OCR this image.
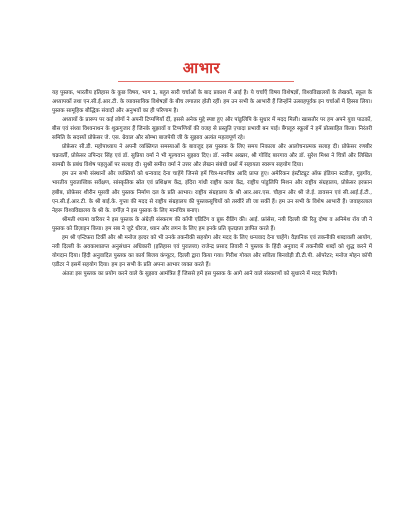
आभार

यह पुस्तक, भारतीय इतिहास के कुछ विषय, भाग 1, बहुत सारी चर्चाओं के बाद प्रकाश में आई है। ये चर्चाएँ विषय विशेषज्ञों, विश्वविद्यालयों के लेखकों, स्कूल के अध्यापकों तथा एन.सी.ई.आर.टी. के व्यावसायिक विशेषज्ञों के बीच लगातार होती रहीं। हम उन सभी के आभारी हैं जिन्होंने उत्साहपूर्वक इन चर्चाओं में हिस्सा लिया। पुस्तक सामूहिक बौद्धिक संवादों और अनुभवों का ही परिणाम है।

अध्यायों के प्रारूप पर कई लोगों ने अपनी टिप्पणियाँ दीं, इससे अनेक मुद्दे स्पष्ट हुए और पांडुलिपि के सुधार में मदद मिली। खासतौर पर हम अपने युवा पाठकों, बीस एवं संध्या विश्वनाथन के शुक्रगुजार हैं जिनके सुझावों व टिप्पणियों की वजह से प्रस्तुति ज़्यादा प्रभावी बन पाई। बैंगलूरु स्कूलों ने हमें प्रोत्साहित किया। निरंतरी समिति के सदस्यों प्रोफ़ेसर जे. एस. ग्रेवाल और सोम्भा बाजपेयी जी के सुझाव अत्यंत महत्वपूर्ण रहे।

प्रोफ़ेसर सी.डी. महोपाध्याय ने अपनी व्यक्तिगत समस्याओं के बावजूद इस पुस्तक के लिए समय निकाला और आलोचनात्मक सलाह दी। प्रोफ़ेसर रणबीर चक्रवर्ती, प्रोफ़ेसर उपिन्दर सिंह एवं डॉ. सुप्रिया वर्मा ने भी मूल्यवान सुझाव दिए। डॉ. नसीम अख्तर, श्री गोविंद बारगाव और डॉ. सुरेश मिश्रा ने चित्रों और लिखित सामग्री के प्रबंध विशेष पहलुओं पर सलाह दी। सुश्री समीरा वर्मा ने उत्तर और लेखन संबंधी प्रश्नों में सहायता स्वरूप सहयोग दिया।

हम उन सभी संस्थानों और व्यक्तियों को धन्यवाद देना चाहेंगे जिनसे हमें चित्र-मानचित्र आदि प्राप्त हुए। अमेरिकन इंस्टीट्यूट ऑफ़ इंडियन स्टडीज़, गुड़गाँव, भारतीय पुरातात्त्विक सर्वेक्षण, सांस्कृतिक स्रोत एवं प्रशिक्षण केंद्र, इंदिरा गांधी राष्ट्रीय कला केंद्र, राष्ट्रीय पांडुलिपि मिशन और राष्ट्रीय संग्रहालय, प्रोफ़ेसर इरफ़ान हबीब, प्रोफ़ेसर शीरीन मूसवी और पुस्तक निर्माण दल के प्रति आभार। राष्ट्रीय संग्रहालय के श्री आर.आर.एस. चौहान और श्री जे.ई. डावसन एवं सी.आई.ई.टी., एन.सी.ई.आर.टी. के श्री बाई.के. गुप्ता की मदद से राष्ट्रीय संग्रहालय की पुस्तकसूचियों को तस्वीरें ली जा सकीं हैं। हम उन सभी के विशेष आभारी हैं। जवाहरलाल नेहरू विश्वविद्यालय के श्री के. वर्गीज़ ने इस पुस्तक के लिए मानचित्र बनाए।

श्रीमती श्यामा वारियर ने इस पुस्तक के अंग्रेज़ी संस्करण की कॉपी एडिटिंग व प्रूफ़ रीडिंग की। आई. फ्रांसेस, नयी दिल्ली की रितु दोषा व अनिमेश रॉय जी ने पुस्तक को डिज़ाइन किया। हम सब ने जुटे धीरज, ध्यान और लगन के लिए हम इनके प्रति कृतज्ञता ज्ञापित करते हैं।

हम श्री एन्टिफ़रा टिर्की और श्री मनोज हल्दर को भी उनके तकनीकी सहयोग और मदद के लिए धन्यवाद देना चाहेंगे। वैज्ञानिक एवं तकनीकी शब्दावली आयोग, नयी दिल्ली के अवकाशप्राप्त अनुसंधान अधिकारी (इतिहास एवं पुरातत्त्व) राजेन्द्र प्रसाद तिवारी ने पुस्तक के हिंदी अनुवाद में तकनीकी शब्दों को शुद्ध करने में योगदान दिया। हिंदी अनुवादित पुस्तक का कार्य बिजय कंप्यूटर, दिल्ली द्वारा किया गया। गिरीश गोयल और सविता बिनवोड़ी डी.टी.पी. ऑपरेटर; मनोज मोहन कॉपी एडीटर ने इसमें सहयोग दिया। हम इन सभी के प्रति अपना आभार व्यक्त करते हैं।

अंततः इस पुस्तक का प्रयोग करने वाले के सुझाव आमंत्रित हैं जिससे हमें इस पुस्तक के आगे आने वाले संस्करणों को सुधारने में मदद मिलेगी।
